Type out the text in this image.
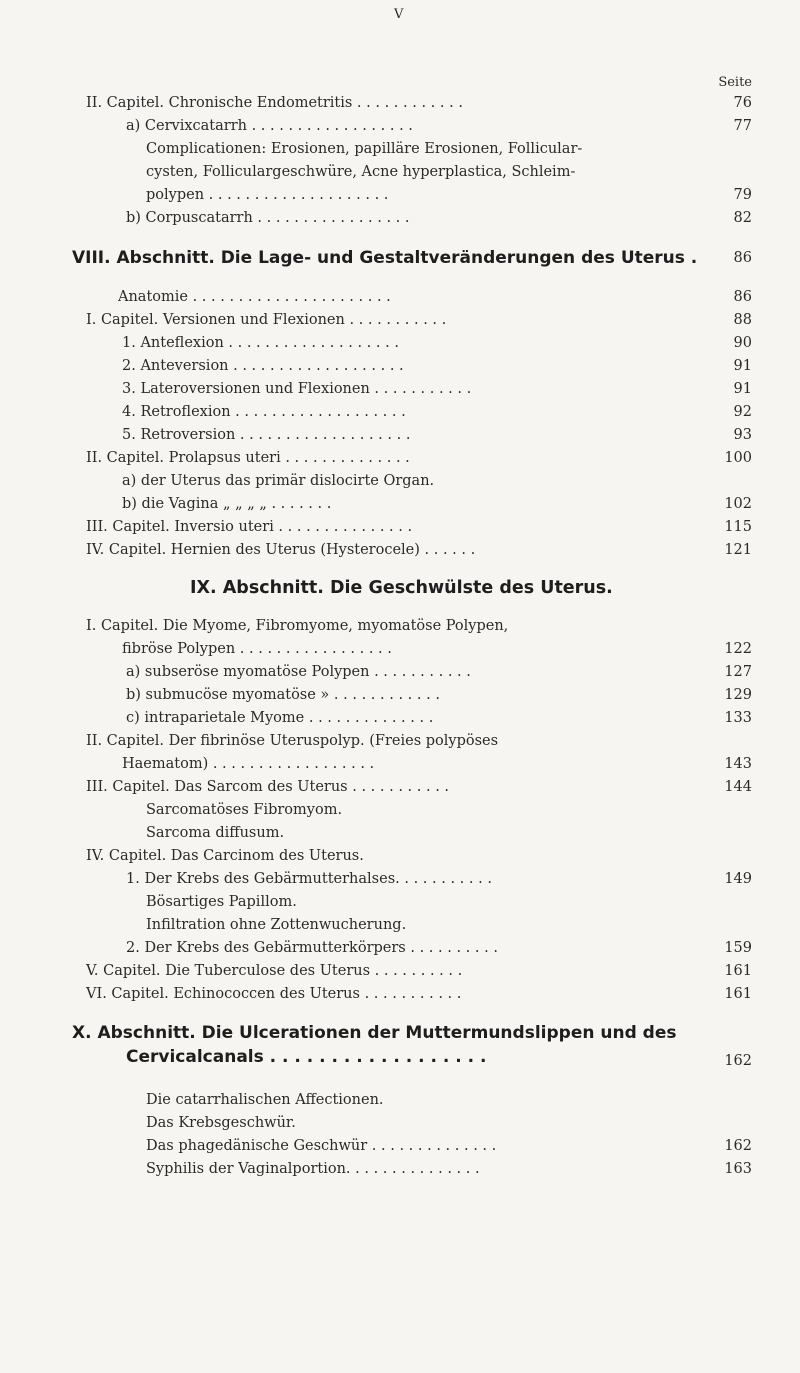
V
Seite
II. Capitel. Chronische Endometritis . . . . . . . . . . . .	76
a) Cervixcatarrh . . . . . . . . . . . . . . . . . .	77
Complicationen: Erosionen, papilläre Erosionen, Follicular-
cysten, Folliculargeschwüre, Acne hyperplastica, Schleim-
polypen . . . . . . . . . . . . . . . . . . . .	79
b) Corpuscatarrh . . . . . . . . . . . . . . . . .	82
VIII. Abschnitt. Die Lage- und Gestaltveränderungen des Uterus .	86
Anatomie . . . . . . . . . . . . . . . . . . . . . .	86
I. Capitel. Versionen und Flexionen . . . . . . . . . . .	88
1. Anteflexion . . . . . . . . . . . . . . . . . . .	90
2. Anteversion . . . . . . . . . . . . . . . . . . .	91
3. Lateroversionen und Flexionen . . . . . . . . . . .	91
4. Retroflexion . . . . . . . . . . . . . . . . . . .	92
5. Retroversion . . . . . . . . . . . . . . . . . . .	93
II. Capitel. Prolapsus uteri . . . . . . . . . . . . . .	100
a) der Uterus das primär dislocirte Organ.
b) die Vagina „ „ „ „ . . . . . . .	102
III. Capitel. Inversio uteri . . . . . . . . . . . . . . .	115
IV. Capitel. Hernien des Uterus (Hysterocele) . . . . . .	121
IX. Abschnitt. Die Geschwülste des Uterus.
I. Capitel. Die Myome, Fibromyome, myomatöse Polypen,
fibröse Polypen . . . . . . . . . . . . . . . . .	122
a) subseröse myomatöse Polypen . . . . . . . . . . .	127
b) submucöse myomatöse » . . . . . . . . . . . .	129
c) intraparietale Myome . . . . . . . . . . . . . .	133
II. Capitel. Der fibrinöse Uteruspolyp. (Freies polypöses
Haematom) . . . . . . . . . . . . . . . . . .	143
III. Capitel. Das Sarcom des Uterus . . . . . . . . . . .	144
Sarcomatöses Fibromyom.
Sarcoma diffusum.
IV. Capitel. Das Carcinom des Uterus.
1. Der Krebs des Gebärmutterhalses. . . . . . . . . . .	149
Bösartiges Papillom.
Infiltration ohne Zottenwucherung.
2. Der Krebs des Gebärmutterkörpers . . . . . . . . . .	159
V. Capitel. Die Tuberculose des Uterus . . . . . . . . . .	161
VI. Capitel. Echinococcen des Uterus . . . . . . . . . . .	161
X. Abschnitt. Die Ulcerationen der Muttermundslippen und des
Cervicalcanals . . . . . . . . . . . . . . . . . .	162
Die catarrhalischen Affectionen.
Das Krebsgeschwür.
Das phagedänische Geschwür . . . . . . . . . . . . . .	162
Syphilis der Vaginalportion. . . . . . . . . . . . . . .	163
